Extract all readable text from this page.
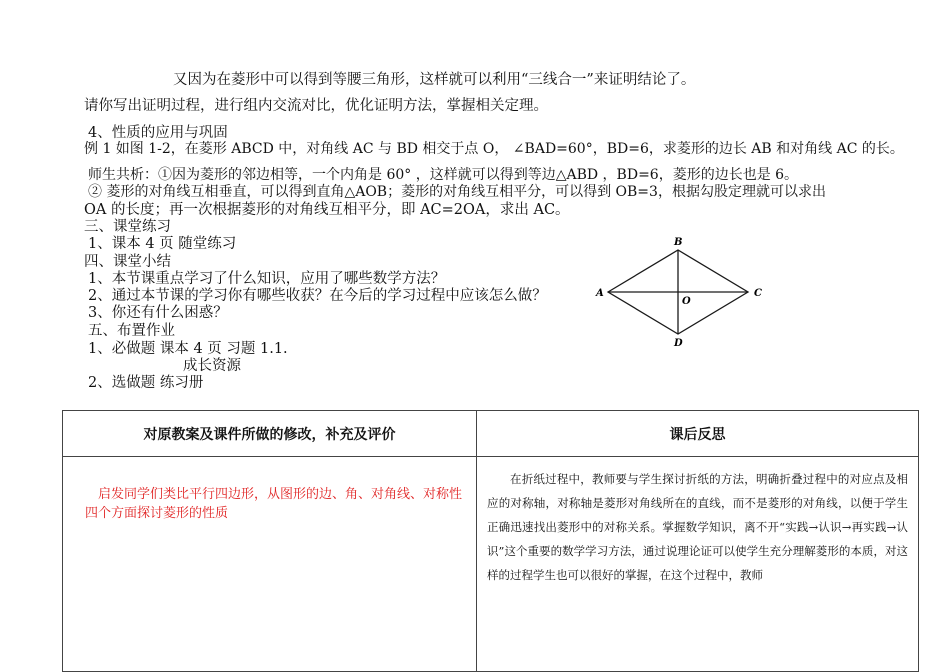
又因为在菱形中可以得到等腰三角形，这样就可以利用“三线合一”来证明结论了。
请你写出证明过程，进行组内交流对比，优化证明方法，掌握相关定理。
4、性质的应用与巩固
例 1 如图 1-2，在菱形 ABCD 中，对角线 AC 与 BD 相交于点 O， ∠BAD=60°，BD=6，求菱形的边长 AB 和对角线 AC 的长。
师生共析：①因为菱形的邻边相等，一个内角是 60° ，这样就可以得到等边△ABD ，BD=6，菱形的边长也是 6。
② 菱形的对角线互相垂直，可以得到直角△AOB；菱形的对角线互相平分，可以得到 OB=3，根据勾股定理就可以求出
OA 的长度；再一次根据菱形的对角线互相平分，即 AC=2OA，求出 AC。
三、课堂练习
1、课本 4 页 随堂练习
四、课堂小结
1、本节课重点学习了什么知识，应用了哪些数学方法？
2、通过本节课的学习你有哪些收获？在今后的学习过程中应该怎么做？
3、你还有什么困惑？
五、布置作业
1、必做题 课本 4 页 习题 1.1.
成长资源
2、选做题 练习册
A
B
C
D
O
对原教案及课件所做的修改，补充及评价	课后反思

启发同学们类比平行四边形，从图形的边、角、对角线、对称性四个方面探讨菱形的性质	在折纸过程中，教师要与学生探讨折纸的方法，明确折叠过程中的对应点及相应的对称轴，对称轴是菱形对角线所在的直线，而不是菱形的对角线，以便于学生正确迅速找出菱形中的对称关系。掌握数学知识，离不开“实践→认识→再实践→认识”这个重要的数学学习方法，通过说理论证可以使学生充分理解菱形的本质，对这样的过程学生也可以很好的掌握，在这个过程中，教师
